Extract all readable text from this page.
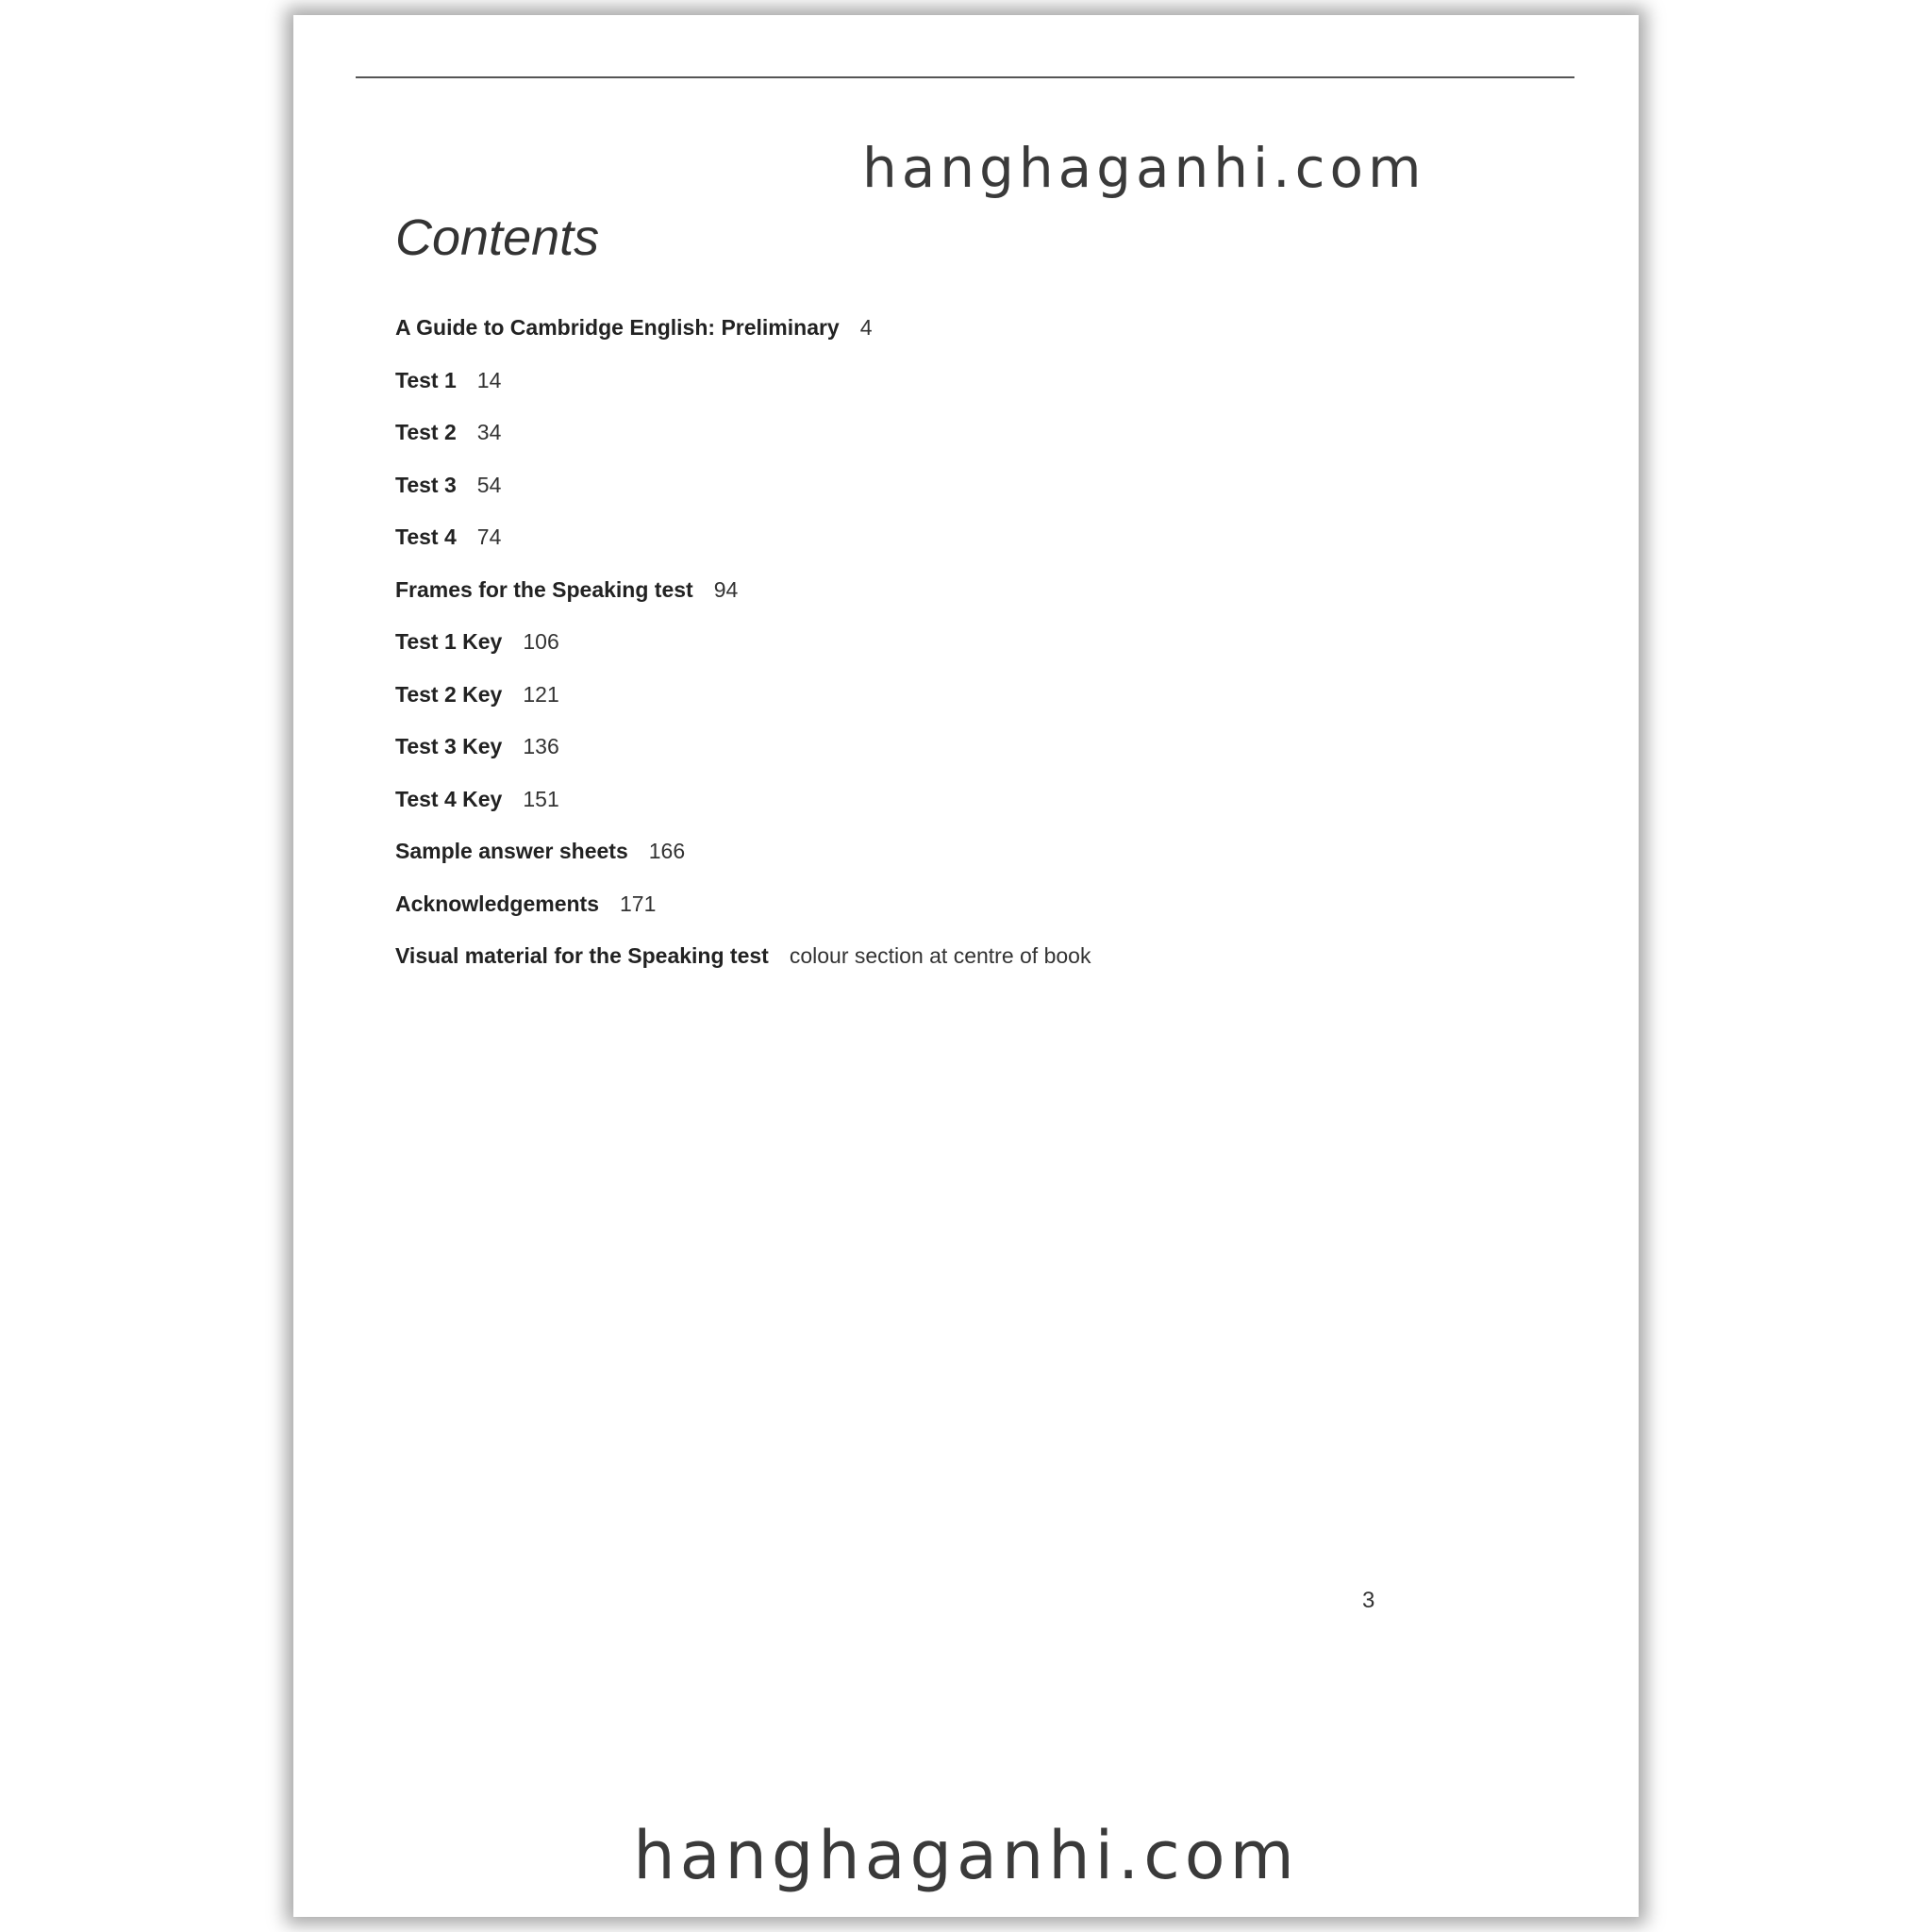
hanghaganhi.com
Contents
A Guide to Cambridge English: Preliminary 4
Test 1 14
Test 2 34
Test 3 54
Test 4 74
Frames for the Speaking test 94
Test 1 Key 106
Test 2 Key 121
Test 3 Key 136
Test 4 Key 151
Sample answer sheets 166
Acknowledgements 171
Visual material for the Speaking test colour section at centre of book
3
hanghaganhi.com
